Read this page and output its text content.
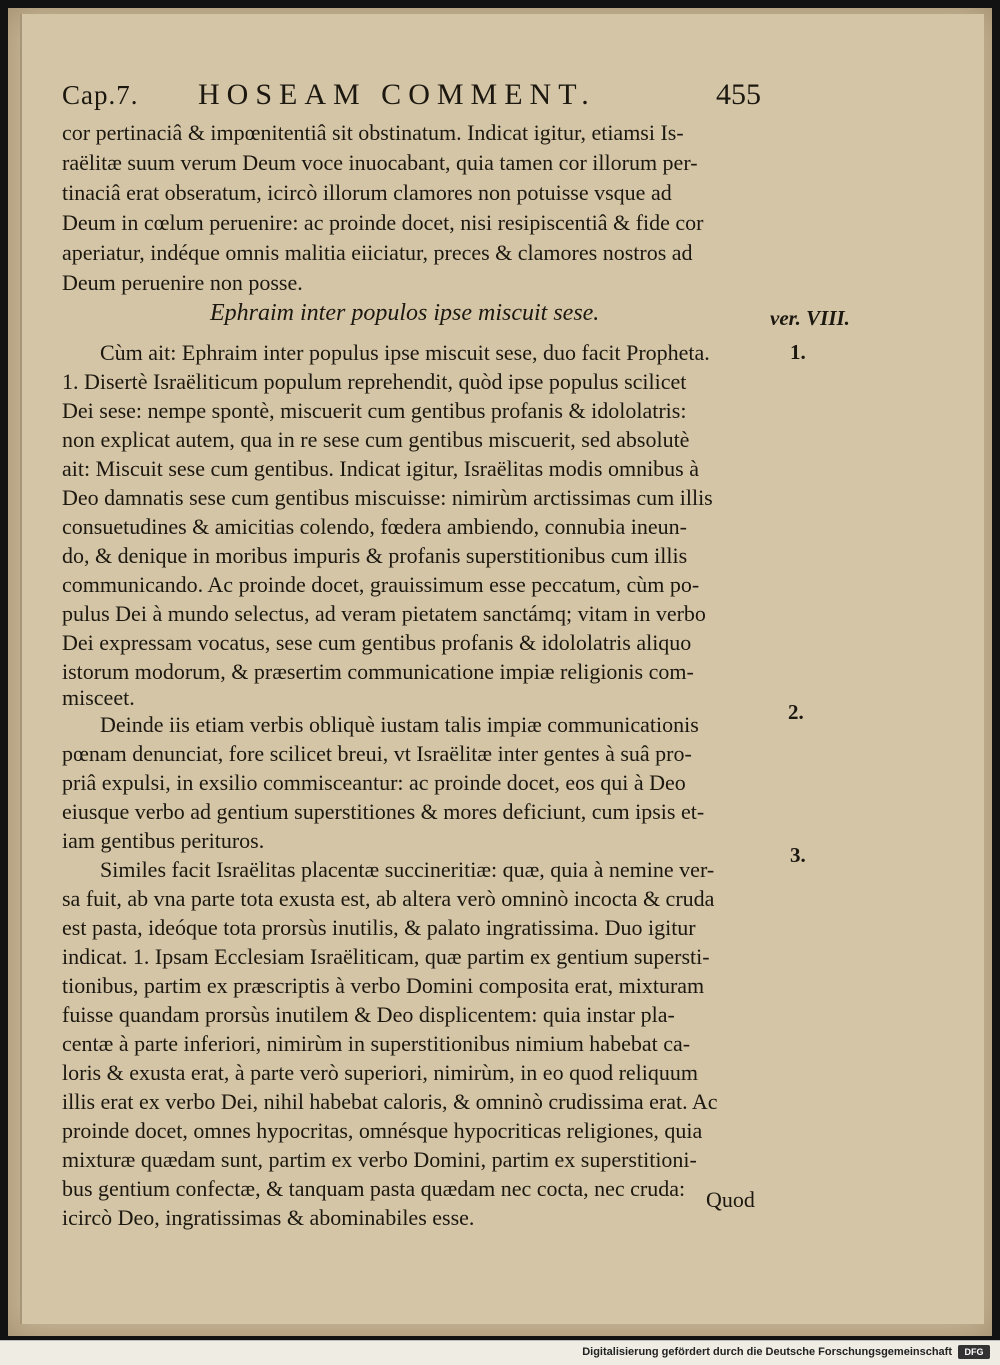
Cap.7. HOSEAM COMMENT.	455
cor pertinaciâ & impœnitentiâ sit obstinatum. Indicat igitur, etiamsi Is-
raëlitæ suum verum Deum voce inuocabant, quia tamen cor illorum per-
tinaciâ erat obseratum, icircò illorum clamores non potuisse vsque ad
Deum in cœlum peruenire: ac proinde docet, nisi resipiscentiâ & fide cor
aperiatur, indéque omnis malitia eiiciatur, preces & clamores nostros ad
Deum peruenire non posse.
Ephraim inter populos ipse miscuit sese.
Cùm ait: Ephraim inter populus ipse miscuit sese, duo facit Propheta.
1. Disertè Israëliticum populum reprehendit, quòd ipse populus scilicet
Dei sese: nempe spontè, miscuerit cum gentibus profanis & idololatris:
non explicat autem, qua in re sese cum gentibus miscuerit, sed absolutè
ait: Miscuit sese cum gentibus. Indicat igitur, Israëlitas modis omnibus à
Deo damnatis sese cum gentibus miscuisse: nimirùm arctissimas cum illis
consuetudines & amicitias colendo, fœdera ambiendo, connubia ineun-
do, & denique in moribus impuris & profanis superstitionibus cum illis
communicando. Ac proinde docet, grauissimum esse peccatum, cùm po-
pulus Dei à mundo selectus, ad veram pietatem sanctámq; vitam in verbo
Dei expressam vocatus, sese cum gentibus profanis & idololatris aliquo
istorum modorum, & præsertim communicatione impiæ religionis com-
misceet.
Deinde iis etiam verbis obliquè iustam talis impiæ communicationis
pœnam denunciat, fore scilicet breui, vt Israëlitæ inter gentes à suâ pro-
priâ expulsi, in exsilio commisceantur: ac proinde docet, eos qui à Deo
eiusque verbo ad gentium superstitiones & mores deficiunt, cum ipsis et-
iam gentibus perituros.
Similes facit Israëlitas placentæ succineritiæ: quæ, quia à nemine ver-
sa fuit, ab vna parte tota exusta est, ab altera verò omninò incocta & cruda
est pasta, ideóque tota prorsùs inutilis, & palato ingratissima. Duo igitur
indicat. 1. Ipsam Ecclesiam Israëliticam, quæ partim ex gentium supersti-
tionibus, partim ex præscriptis à verbo Domini composita erat, mixturam
fuisse quandam prorsùs inutilem & Deo displicentem: quia instar pla-
centæ à parte inferiori, nimirùm in superstitionibus nimium habebat ca-
loris & exusta erat, à parte verò superiori, nimirùm, in eo quod reliquum
illis erat ex verbo Dei, nihil habebat caloris, & omninò crudissima erat. Ac
proinde docet, omnes hypocritas, omnésque hypocriticas religiones, quia
mixturæ quædam sunt, partim ex verbo Domini, partim ex superstitioni-
bus gentium confectæ, & tanquam pasta quædam nec cocta, nec cruda:
icircò Deo, ingratissimas & abominabiles esse.
ver. VIII.
1.
2.
3.
Quod
Digitalisierung gefördert durch die Deutsche Forschungsgemeinschaft	DFG
